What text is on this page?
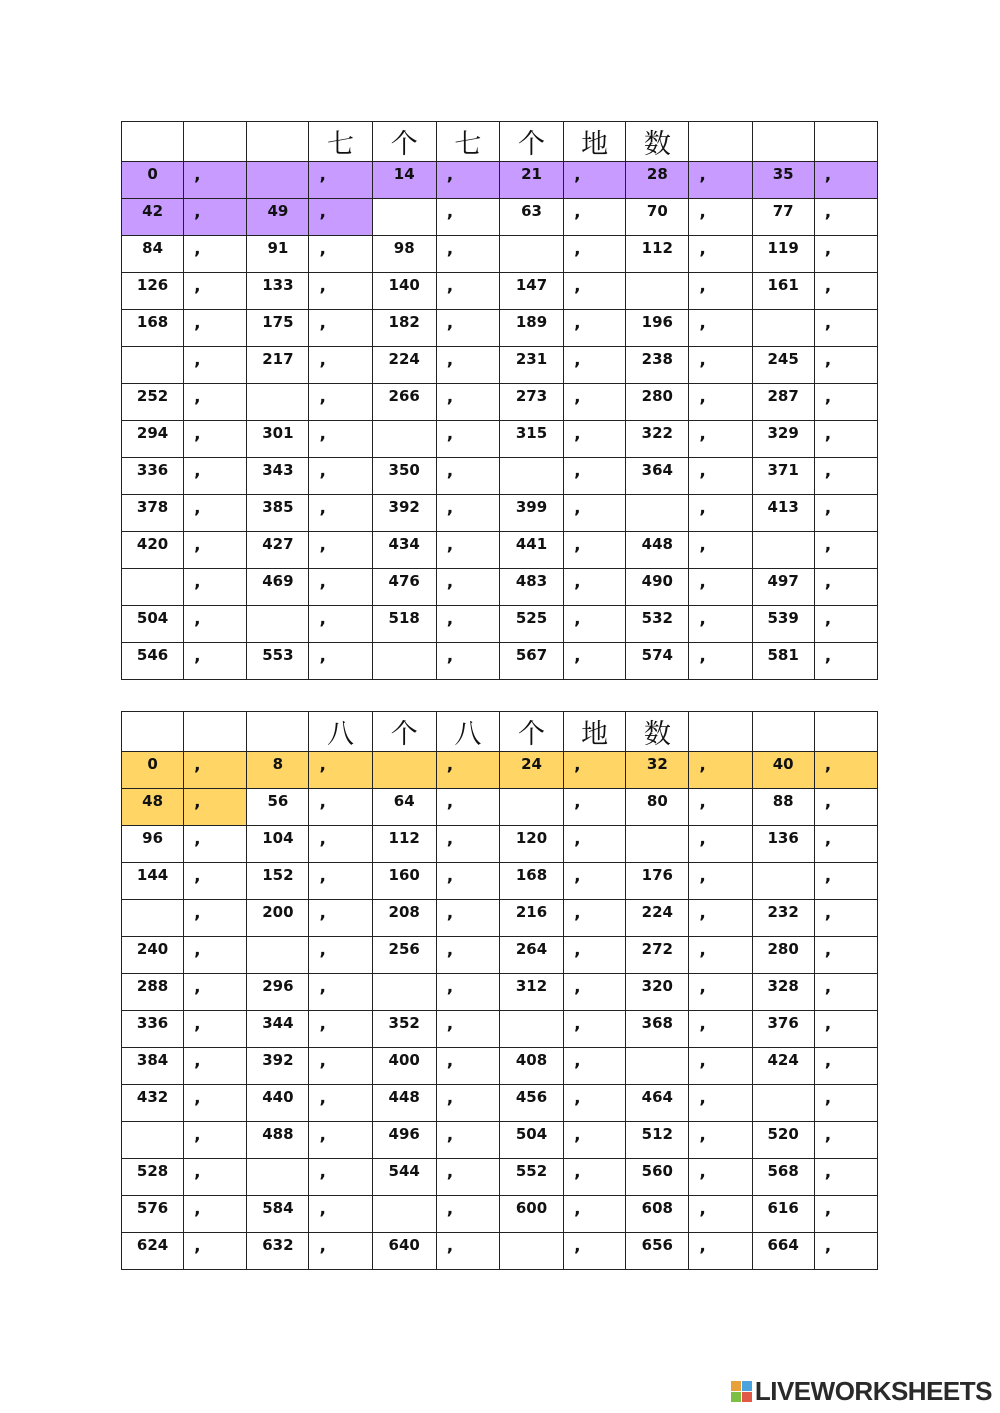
			七	个	七	个	地	数			
0	,		,	14	,	21	,	28	,	35	,
42	,	49	,		,	63	,	70	,	77	,
84	,	91	,	98	,		,	112	,	119	,
126	,	133	,	140	,	147	,		,	161	,
168	,	175	,	182	,	189	,	196	,		,
	,	217	,	224	,	231	,	238	,	245	,
252	,		,	266	,	273	,	280	,	287	,
294	,	301	,		,	315	,	322	,	329	,
336	,	343	,	350	,		,	364	,	371	,
378	,	385	,	392	,	399	,		,	413	,
420	,	427	,	434	,	441	,	448	,		,
	,	469	,	476	,	483	,	490	,	497	,
504	,		,	518	,	525	,	532	,	539	,
546	,	553	,		,	567	,	574	,	581	,
			八	个	八	个	地	数			
0	,	8	,		,	24	,	32	,	40	,
48	,	56	,	64	,		,	80	,	88	,
96	,	104	,	112	,	120	,		,	136	,
144	,	152	,	160	,	168	,	176	,		,
	,	200	,	208	,	216	,	224	,	232	,
240	,		,	256	,	264	,	272	,	280	,
288	,	296	,		,	312	,	320	,	328	,
336	,	344	,	352	,		,	368	,	376	,
384	,	392	,	400	,	408	,		,	424	,
432	,	440	,	448	,	456	,	464	,		,
	,	488	,	496	,	504	,	512	,	520	,
528	,		,	544	,	552	,	560	,	568	,
576	,	584	,		,	600	,	608	,	616	,
624	,	632	,	640	,		,	656	,	664	,
LIVEWORKSHEETS
